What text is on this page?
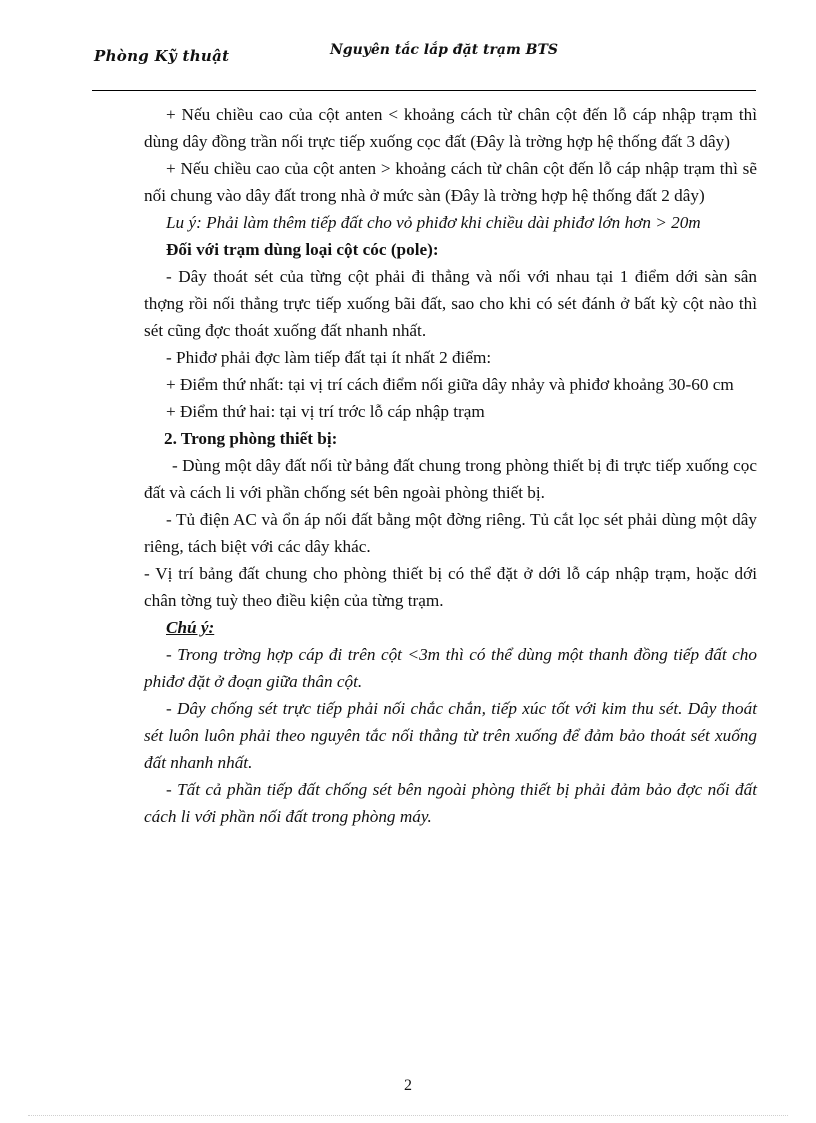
Phòng Kỹ thuật	Nguyên tắc lắp đặt trạm BTS

+ Nếu chiều cao của cột anten < khoảng cách từ chân cột đến lỗ cáp nhập trạm thì dùng dây đồng trần nối trực tiếp xuống cọc đất (Đây là trờng hợp hệ thống đất 3 dây)

+ Nếu chiều cao của cột anten > khoảng cách từ chân cột đến lỗ cáp nhập trạm thì sẽ nối chung vào dây đất trong nhà ở mức sàn (Đây là trờng hợp hệ thống đất 2 dây)

Lu ý: Phải làm thêm tiếp đất cho vỏ phiđơ khi chiều dài phiđơ lớn hơn > 20m

Đối với trạm dùng loại cột cóc (pole):

- Dây thoát sét của từng cột phải đi thẳng và nối với nhau tại 1 điểm dới sàn sân thợng rồi nối thẳng trực tiếp xuống bãi đất, sao cho khi có sét đánh ở bất kỳ cột nào thì sét cũng đợc thoát xuống đất nhanh nhất.

- Phiđơ phải đợc làm tiếp đất tại ít nhất 2 điểm:

+ Điểm thứ nhất: tại vị trí cách điểm nối giữa dây nhảy và phiđơ khoảng 30-60 cm

+ Điểm thứ hai: tại vị trí trớc lỗ cáp nhập trạm

2. Trong phòng thiết bị:

- Dùng một dây đất nối từ bảng đất chung trong phòng thiết bị đi trực tiếp xuống cọc đất và cách li với phần chống sét bên ngoài phòng thiết bị.

- Tủ điện AC và ổn áp nối đất bằng một đờng riêng. Tủ cắt lọc sét phải dùng một dây riêng, tách biệt với các dây khác.

- Vị trí bảng đất chung cho phòng thiết bị có thể đặt ở dới lỗ cáp nhập trạm, hoặc dới chân tờng tuỳ theo điều kiện của từng trạm.

Chú ý:

- Trong trờng hợp cáp đi trên cột <3m thì có thể dùng một thanh đồng tiếp đất cho phiđơ đặt ở đoạn giữa thân cột.

- Dây chống sét trực tiếp phải nối chắc chắn, tiếp xúc tốt với kim thu sét. Dây thoát sét luôn luôn phải theo nguyên tắc nối thẳng từ trên xuống để đảm bảo thoát sét xuống đất nhanh nhất.

- Tất cả phần tiếp đất chống sét bên ngoài phòng thiết bị phải đảm bảo đợc nối đất cách li với phần nối đất trong phòng máy.

2
